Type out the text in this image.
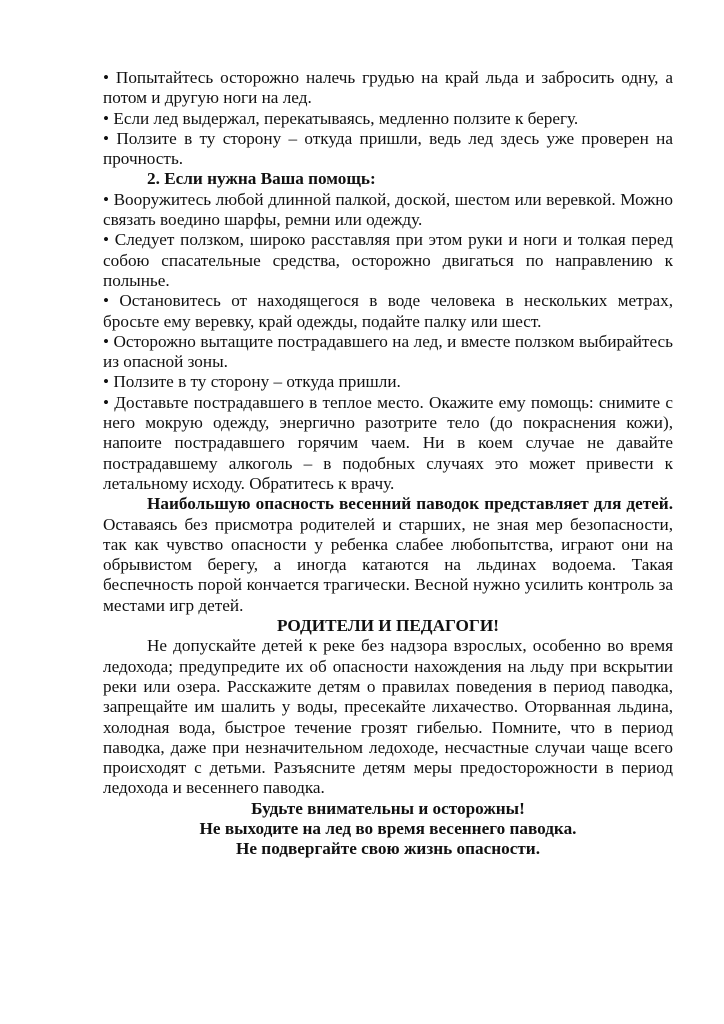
• Попытайтесь осторожно налечь грудью на край льда и забросить одну, а потом и другую ноги на лед.

• Если лед выдержал, перекатываясь, медленно ползите к берегу.

• Ползите в ту сторону – откуда пришли, ведь лед здесь уже проверен на прочность.

2. Если нужна Ваша помощь:

• Вооружитесь любой длинной палкой, доской, шестом или веревкой. Можно связать воедино шарфы, ремни или одежду.

• Следует ползком, широко расставляя при этом руки и ноги и толкая перед собою спасательные средства, осторожно двигаться по направлению к полынье.

• Остановитесь от находящегося в воде человека в нескольких метрах, бросьте ему веревку, край одежды, подайте палку или шест.

• Осторожно вытащите пострадавшего на лед, и вместе ползком выбирайтесь из опасной зоны.

• Ползите в ту сторону – откуда пришли.

• Доставьте пострадавшего в теплое место. Окажите ему помощь: снимите с него мокрую одежду, энергично разотрите тело (до покраснения кожи), напоите пострадавшего горячим чаем. Ни в коем случае не давайте пострадавшему алкоголь – в подобных случаях это может привести к летальному исходу. Обратитесь к врачу.

Наибольшую опасность весенний паводок представляет для детей. Оставаясь без присмотра родителей и старших, не зная мер безопасности, так как чувство опасности у ребенка слабее любопытства, играют они на обрывистом берегу, а иногда катаются на льдинах водоема. Такая беспечность порой кончается трагически. Весной нужно усилить контроль за местами игр детей.

РОДИТЕЛИ И ПЕДАГОГИ!

Не допускайте детей к реке без надзора взрослых, особенно во время ледохода; предупредите их об опасности нахождения на льду при вскрытии реки или озера. Расскажите детям о правилах поведения в период паводка, запрещайте им шалить у воды, пресекайте лихачество. Оторванная льдина, холодная вода, быстрое течение грозят гибелью. Помните, что в период паводка, даже при незначительном ледоходе, несчастные случаи чаще всего происходят с детьми. Разъясните детям меры предосторожности в период ледохода и весеннего паводка.

Будьте внимательны и осторожны!

Не выходите на лед во время весеннего паводка.

Не подвергайте свою жизнь опасности.
